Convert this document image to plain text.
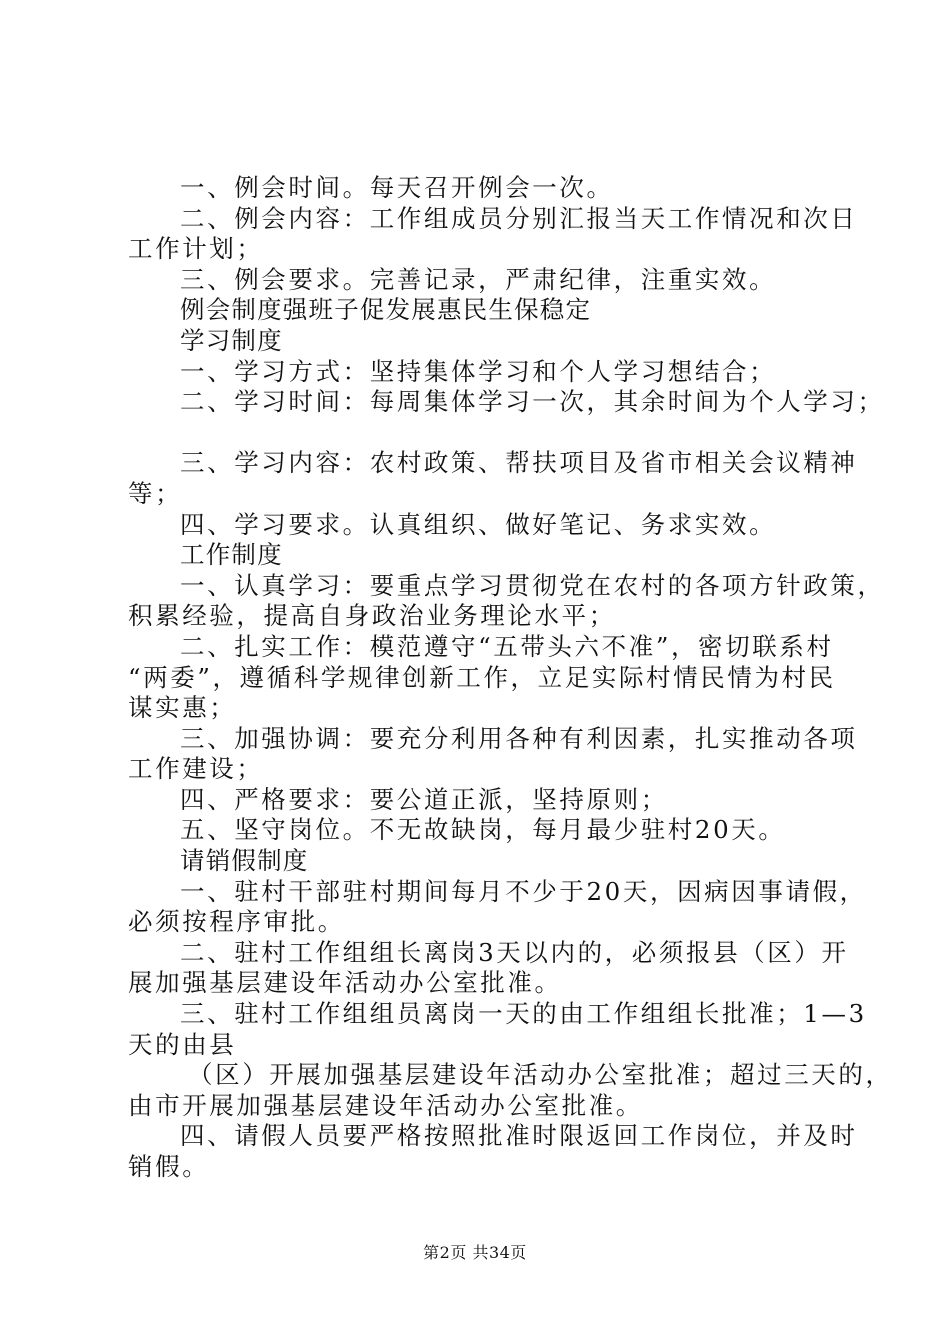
一、例会时间。每天召开例会一次。
二、例会内容：工作组成员分别汇报当天工作情况和次日
工作计划；
三、例会要求。完善记录，严肃纪律，注重实效。
例会制度强班子促发展惠民生保稳定
学习制度
一、学习方式：坚持集体学习和个人学习想结合；
二、学习时间：每周集体学习一次，其余时间为个人学习；
三、学习内容：农村政策、帮扶项目及省市相关会议精神
等；
四、学习要求。认真组织、做好笔记、务求实效。
工作制度
一、认真学习：要重点学习贯彻党在农村的各项方针政策，
积累经验，提高自身政治业务理论水平；
二、扎实工作：模范遵守“五带头六不准”，密切联系村
“两委”，遵循科学规律创新工作，立足实际村情民情为村民
谋实惠；
三、加强协调：要充分利用各种有利因素，扎实推动各项
工作建设；
四、严格要求：要公道正派，坚持原则；
五、坚守岗位。不无故缺岗，每月最少驻村20天。
请销假制度
一、驻村干部驻村期间每月不少于20天，因病因事请假，
必须按程序审批。
二、驻村工作组组长离岗3天以内的，必须报县（区）开
展加强基层建设年活动办公室批准。
三、驻村工作组组员离岗一天的由工作组组长批准；1—3
天的由县
（区）开展加强基层建设年活动办公室批准；超过三天的，
由市开展加强基层建设年活动办公室批准。
四、请假人员要严格按照批准时限返回工作岗位，并及时
销假。
第2页 共34页
